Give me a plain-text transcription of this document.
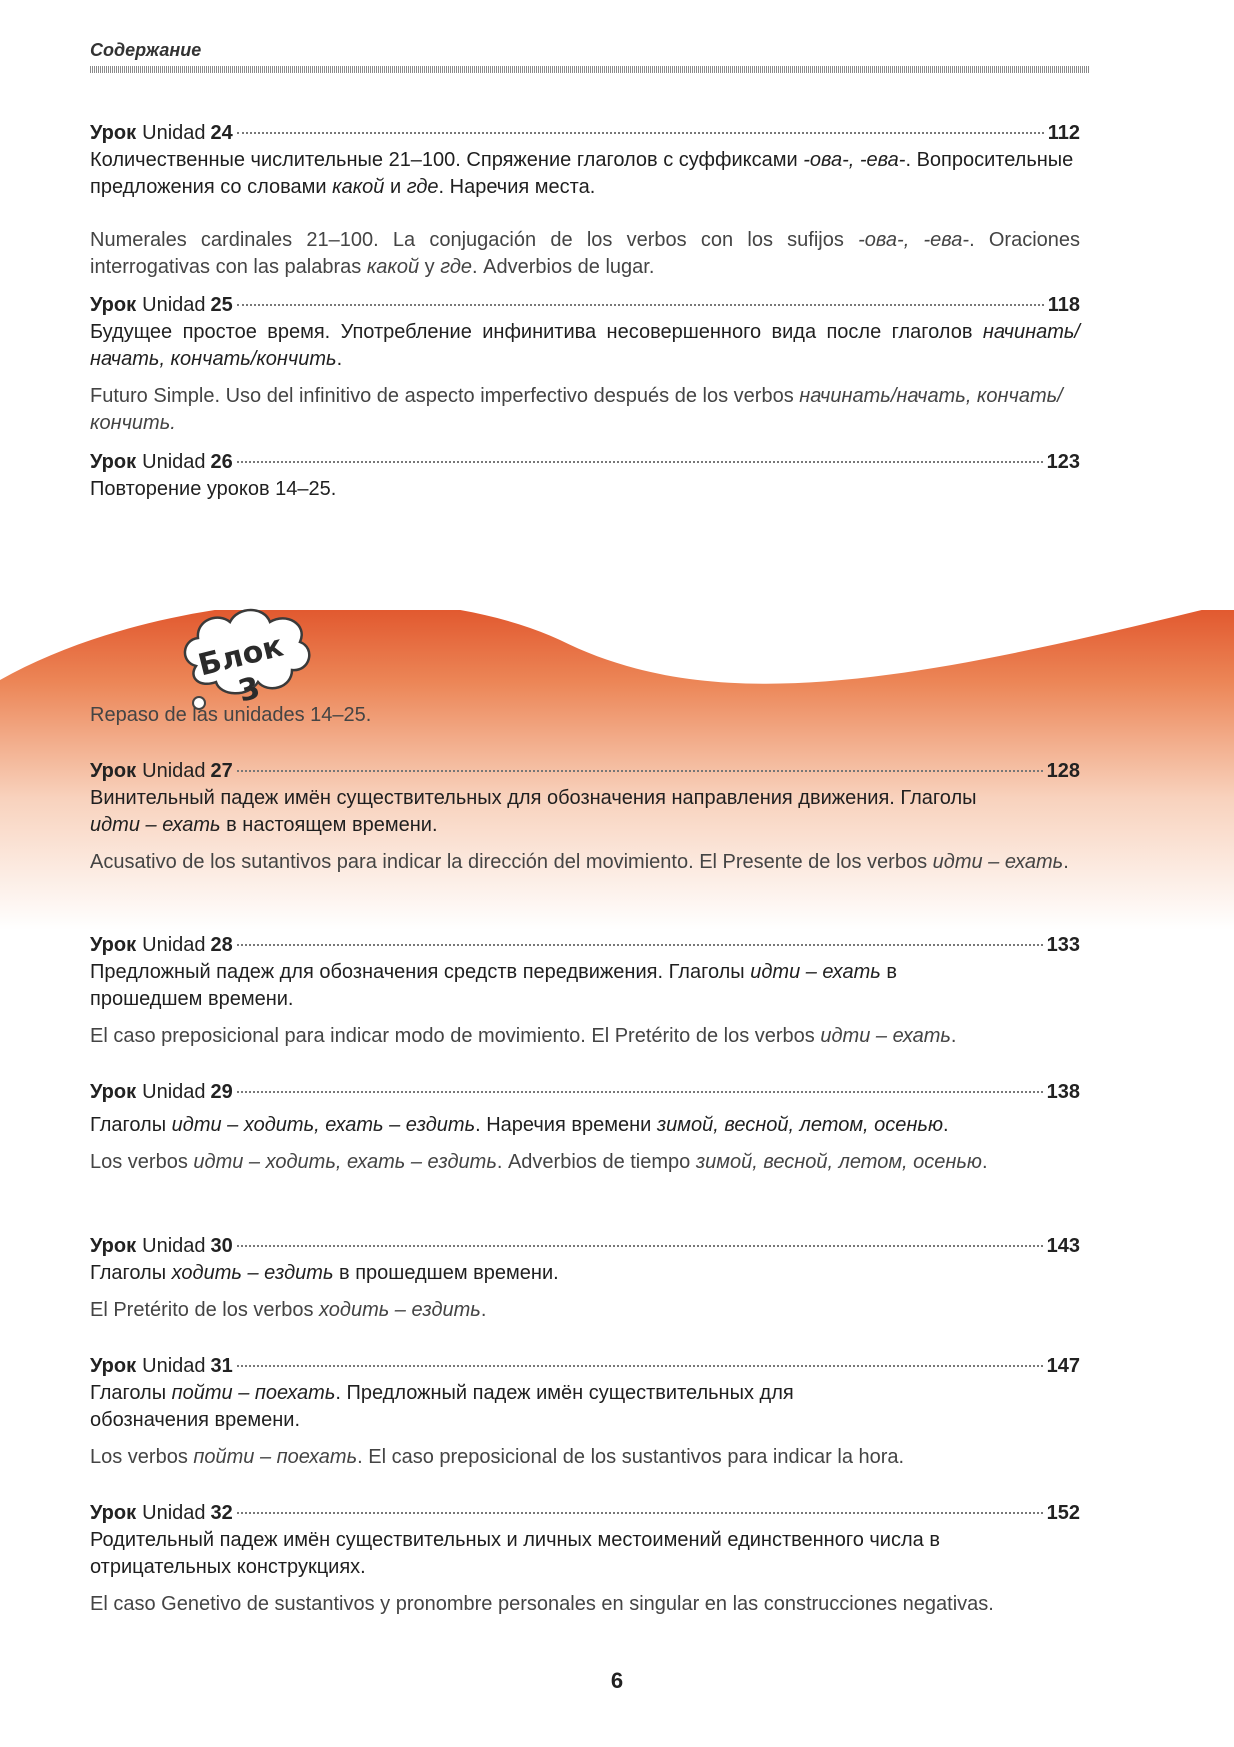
Содержание
Блок 3
Урок Unidad 24	112

Количественные числительные 21–100. Спряжение глаголов с суффиксами -ова-, -ева-. Вопросительные предложения со словами какой и где. Наречия места.

Numerales cardinales 21–100. La conjugación de los verbos con los sufijos -ова-, -ева-. Oraciones interrogativas con las palabras какой y где. Adverbios de lugar.

Урок Unidad 25	118

Будущее простое время. Употребление инфинитива несовершенного вида после глаголов начинать/начать, кончать/кончить.

Futuro Simple. Uso del infinitivo de aspecto imperfectivo después de los verbos начинать/начать, кончать/кончить.

Урок Unidad 26	123

Повторение уроков 14–25.

Repaso de las unidades 14–25.

Урок Unidad 27	128

Винительный падеж имён существительных для обозначения направления движения. Глаголы идти – ехать в настоящем времени.

Acusativo de los sutantivos para indicar la dirección del movimiento. El Presente de los verbos идти – ехать.

Урок Unidad 28	133

Предложный падеж для обозначения средств передвижения. Глаголы идти – ехать в прошедшем времени.

El caso preposicional para indicar modo de movimiento. El Pretérito de los verbos идти – ехать.

Урок Unidad 29	138

Глаголы идти – ходить, ехать – ездить. Наречия времени зимой, весной, летом, осенью.

Los verbos идти – ходить, ехать – ездить. Adverbios de tiempo зимой, весной, летом, осенью.

Урок Unidad 30	143

Глаголы ходить – ездить в прошедшем времени.

El Pretérito de los verbos ходить – ездить.

Урок Unidad 31	147

Глаголы пойти – поехать. Предложный падеж имён существительных для обозначения времени.

Los verbos пойти – поехать. El caso preposicional de los sustantivos para indicar la hora.

Урок Unidad 32	152

Родительный падеж имён существительных и личных местоимений единственного числа в отрицательных конструкциях.

El caso Genetivo de sustantivos y pronombre personales en singular en las construcciones negativas.

6
